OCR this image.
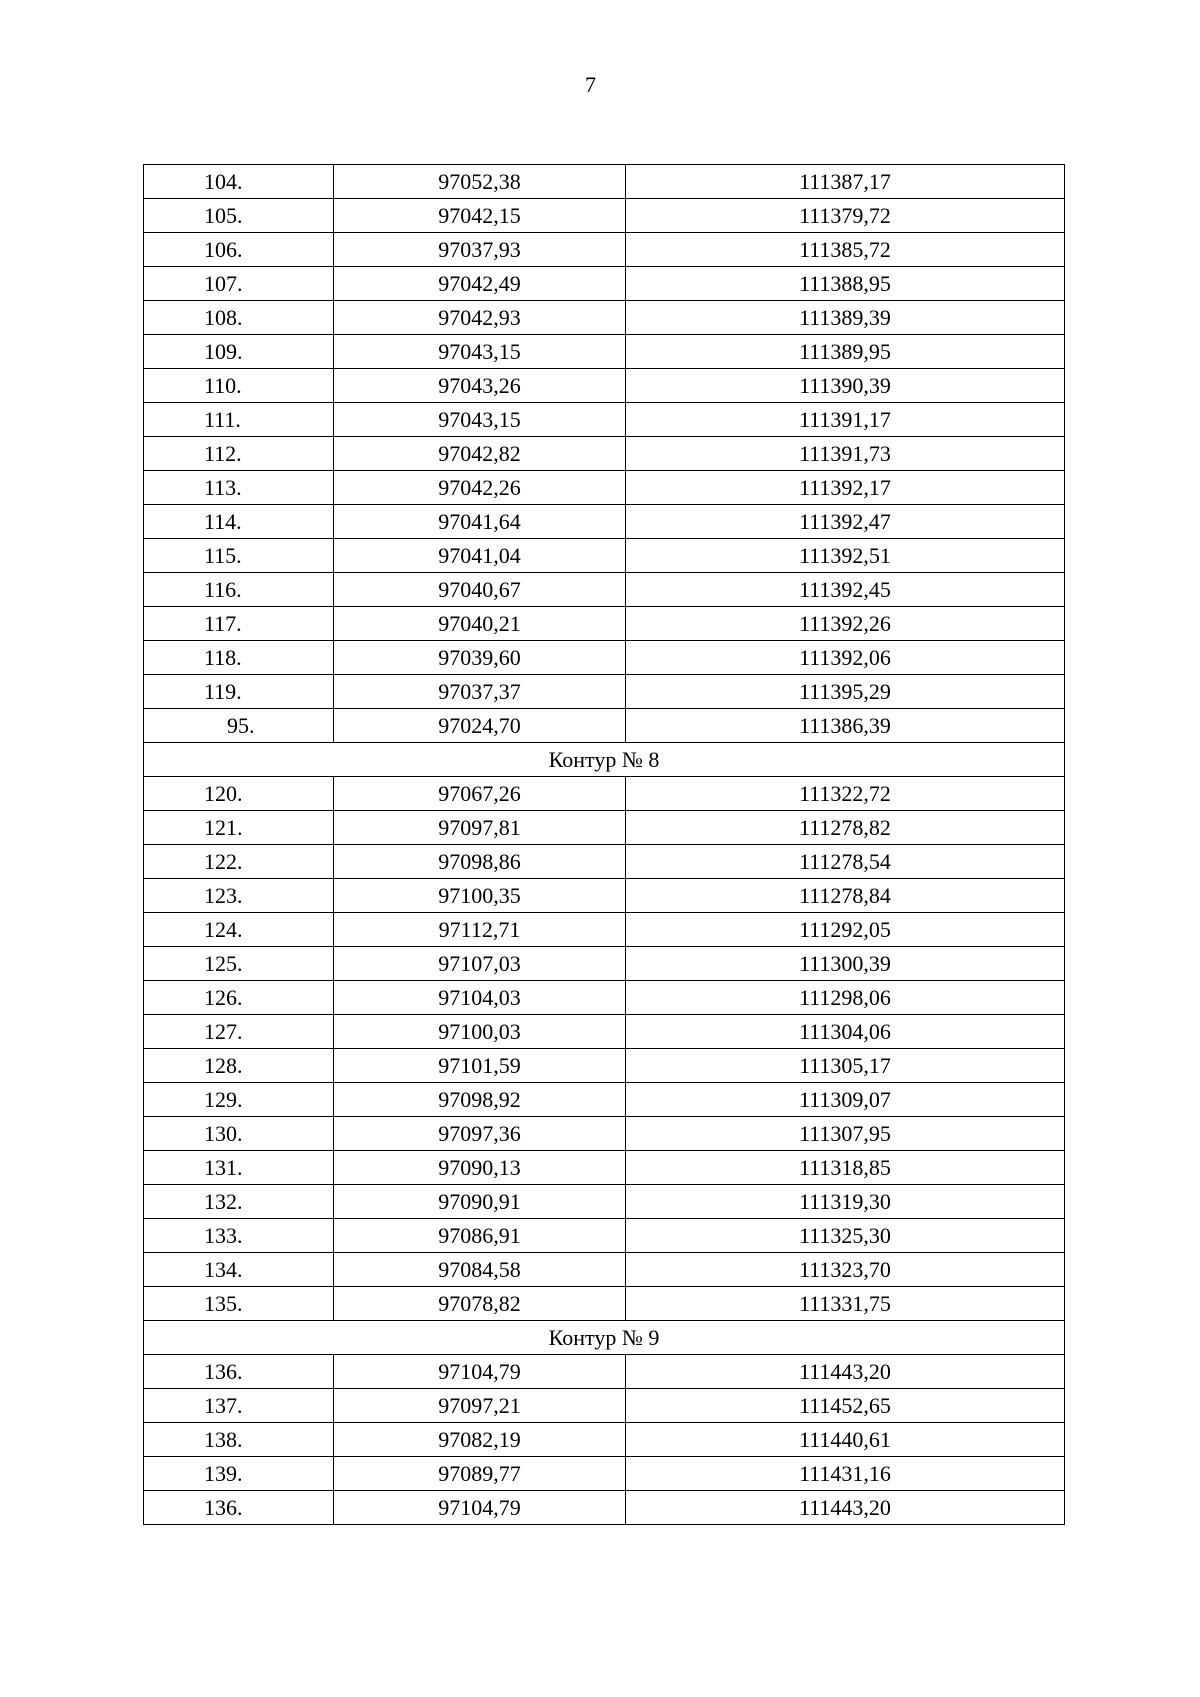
7
104.	97052,38	111387,17
105.	97042,15	111379,72
106.	97037,93	111385,72
107.	97042,49	111388,95
108.	97042,93	111389,39
109.	97043,15	111389,95
110.	97043,26	111390,39
111.	97043,15	111391,17
112.	97042,82	111391,73
113.	97042,26	111392,17
114.	97041,64	111392,47
115.	97041,04	111392,51
116.	97040,67	111392,45
117.	97040,21	111392,26
118.	97039,60	111392,06
119.	97037,37	111395,29
95.	97024,70	111386,39
Контур № 8		
120.	97067,26	111322,72
121.	97097,81	111278,82
122.	97098,86	111278,54
123.	97100,35	111278,84
124.	97112,71	111292,05
125.	97107,03	111300,39
126.	97104,03	111298,06
127.	97100,03	111304,06
128.	97101,59	111305,17
129.	97098,92	111309,07
130.	97097,36	111307,95
131.	97090,13	111318,85
132.	97090,91	111319,30
133.	97086,91	111325,30
134.	97084,58	111323,70
135.	97078,82	111331,75
Контур № 9		
136.	97104,79	111443,20
137.	97097,21	111452,65
138.	97082,19	111440,61
139.	97089,77	111431,16
136.	97104,79	111443,20
